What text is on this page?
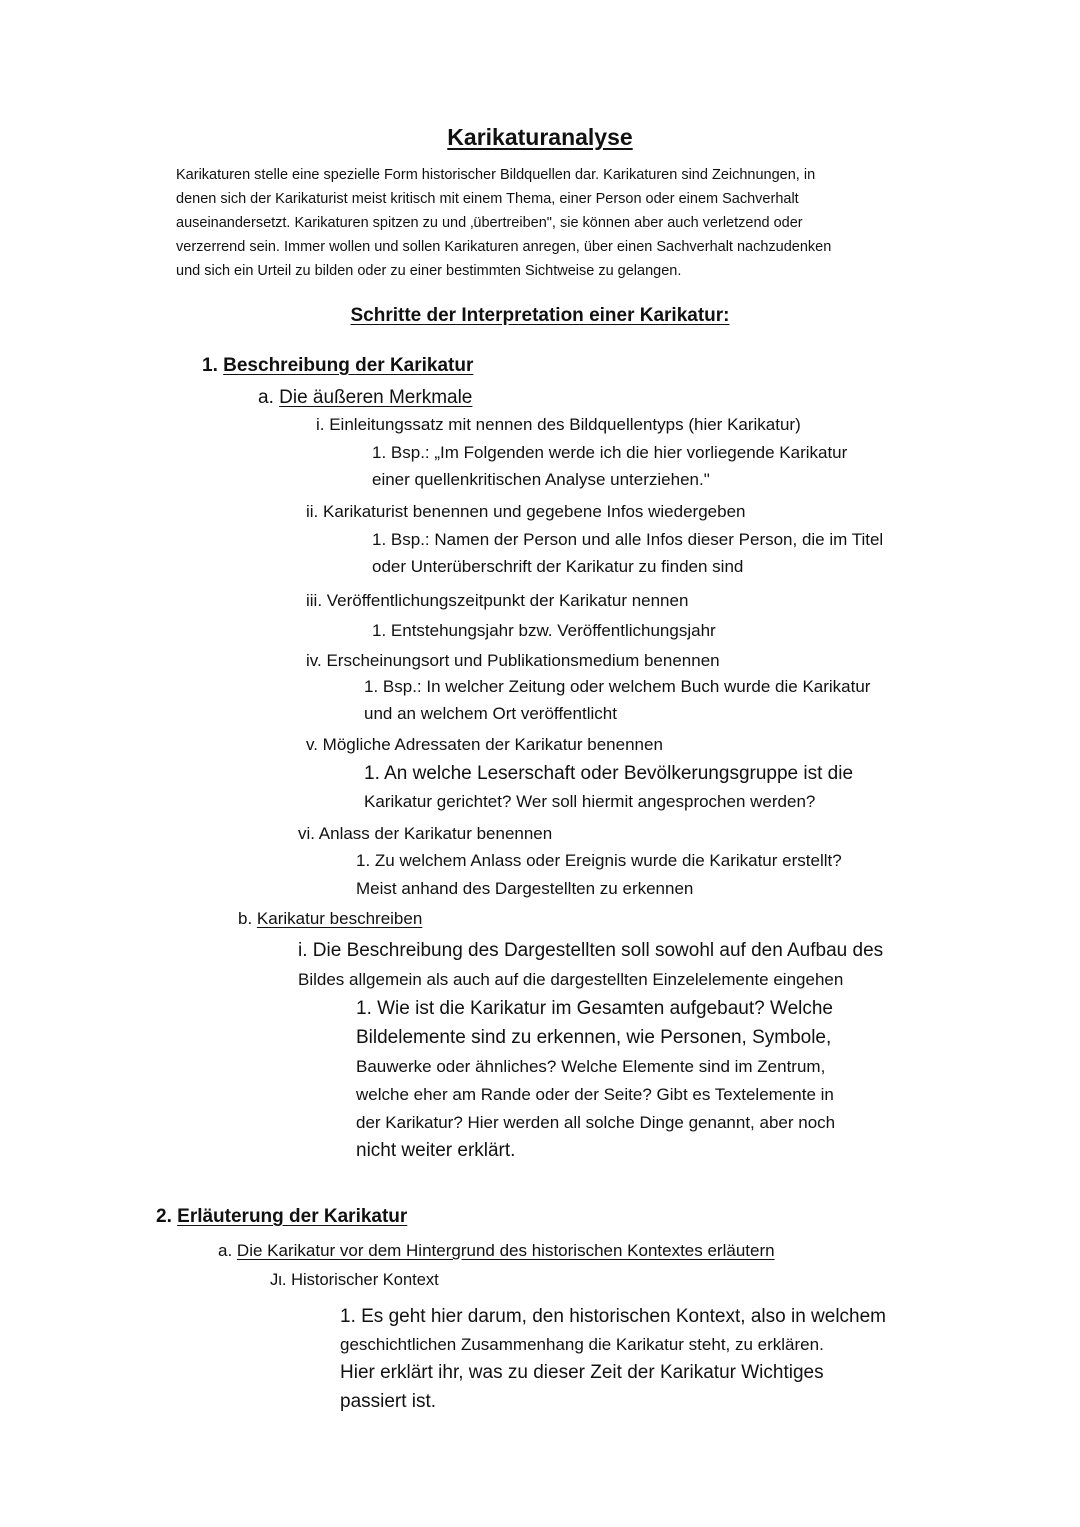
Karikaturanalyse

Karikaturen stelle eine spezielle Form historischer Bildquellen dar. Karikaturen sind Zeichnungen, in

denen sich der Karikaturist meist kritisch mit einem Thema, einer Person oder einem Sachverhalt

auseinandersetzt. Karikaturen spitzen zu und ‚übertreiben", sie können aber auch verletzend oder

verzerrend sein. Immer wollen und sollen Karikaturen anregen, über einen Sachverhalt nachzudenken

und sich ein Urteil zu bilden oder zu einer bestimmten Sichtweise zu gelangen.

Schritte der Interpretation einer Karikatur:
1. Beschreibung der Karikatur
a. Die äußeren Merkmale
i. Einleitungssatz mit nennen des Bildquellentyps (hier Karikatur)
1. Bsp.: „Im Folgenden werde ich die hier vorliegende Karikatur
einer quellenkritischen Analyse unterziehen."
ii. Karikaturist benennen und gegebene Infos wiedergeben
1. Bsp.: Namen der Person und alle Infos dieser Person, die im Titel
oder Unterüberschrift der Karikatur zu finden sind
iii. Veröffentlichungszeitpunkt der Karikatur nennen
1. Entstehungsjahr bzw. Veröffentlichungsjahr
iv. Erscheinungsort und Publikationsmedium benennen
1. Bsp.: In welcher Zeitung oder welchem Buch wurde die Karikatur
und an welchem Ort veröffentlicht
v. Mögliche Adressaten der Karikatur benennen
1. An welche Leserschaft oder Bevölkerungsgruppe ist die
Karikatur gerichtet? Wer soll hiermit angesprochen werden?
vi. Anlass der Karikatur benennen
1. Zu welchem Anlass oder Ereignis wurde die Karikatur erstellt?
Meist anhand des Dargestellten zu erkennen
b. Karikatur beschreiben
i. Die Beschreibung des Dargestellten soll sowohl auf den Aufbau des
Bildes allgemein als auch auf die dargestellten Einzelelemente eingehen
1. Wie ist die Karikatur im Gesamten aufgebaut? Welche
Bildelemente sind zu erkennen, wie Personen, Symbole,
Bauwerke oder ähnliches? Welche Elemente sind im Zentrum,
welche eher am Rande oder der Seite? Gibt es Textelemente in
der Karikatur? Hier werden all solche Dinge genannt, aber noch
nicht weiter erklärt.
2. Erläuterung der Karikatur
a. Die Karikatur vor dem Hintergrund des historischen Kontextes erläutern
Jι. Historischer Kontext
1. Es geht hier darum, den historischen Kontext, also in welchem
geschichtlichen Zusammenhang die Karikatur steht, zu erklären.
Hier erklärt ihr, was zu dieser Zeit der Karikatur Wichtiges
passiert ist.
